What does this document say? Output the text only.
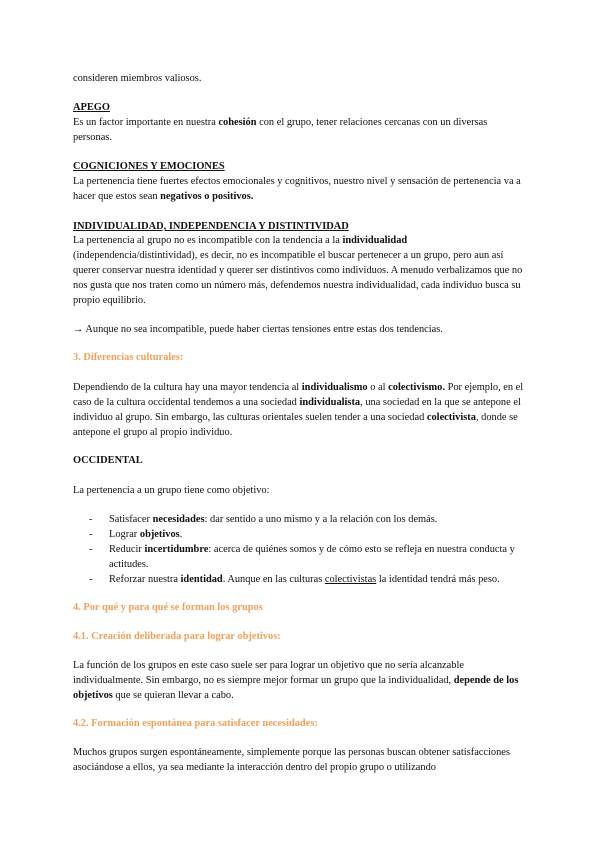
consideren miembros valiosos.

APEGO

Es un factor importante en nuestra cohesión con el grupo, tener relaciones cercanas con un diversas personas.

COGNICIONES Y EMOCIONES

La pertenencia tiene fuertes efectos emocionales y cognitivos, nuestro nivel y sensación de pertenencia va a hacer que estos sean negativos o positivos.

INDIVIDUALIDAD, INDEPENDENCIA Y DISTINTIVIDAD

La pertenencia al grupo no es incompatible con la tendencia a la individualidad (independencia/distintividad), es decir, no es incompatible el buscar pertenecer a un grupo, pero aun así querer conservar nuestra identidad y querer ser distintivos como individuos. A menudo verbalizamos que no nos gusta que nos traten como un número más, defendemos nuestra individualidad, cada individuo busca su propio equilibrio.

→ Aunque no sea incompatible, puede haber ciertas tensiones entre estas dos tendencias.

3. Diferencias culturales:

Dependiendo de la cultura hay una mayor tendencia al individualismo o al colectivismo. Por ejemplo, en el caso de la cultura occidental tendemos a una sociedad individualista, una sociedad en la que se antepone el individuo al grupo. Sin embargo, las culturas orientales suelen tender a una sociedad colectivista, donde se antepone el grupo al propio individuo.

OCCIDENTAL

La pertenencia a un grupo tiene como objetivo:

- Satisfacer necesidades: dar sentido a uno mismo y a la relación con los demás.
- Lograr objetivos.
- Reducir incertidumbre: acerca de quiénes somos y de cómo esto se refleja en nuestra conducta y actitudes.
- Reforzar nuestra identidad. Aunque en las culturas colectivistas la identidad tendrá más peso.

4. Por qué y para qué se forman los grupos

4.1. Creación deliberada para lograr objetivos:

La función de los grupos en este caso suele ser para lograr un objetivo que no sería alcanzable individualmente. Sin embargo, no es siempre mejor formar un grupo que la individualidad, depende de los objetivos que se quieran llevar a cabo.

4.2. Formación espontánea para satisfacer necesidades:

Muchos grupos surgen espontáneamente, simplemente porque las personas buscan obtener satisfacciones asociándose a ellos, ya sea mediante la interacción dentro del propio grupo o utilizando
